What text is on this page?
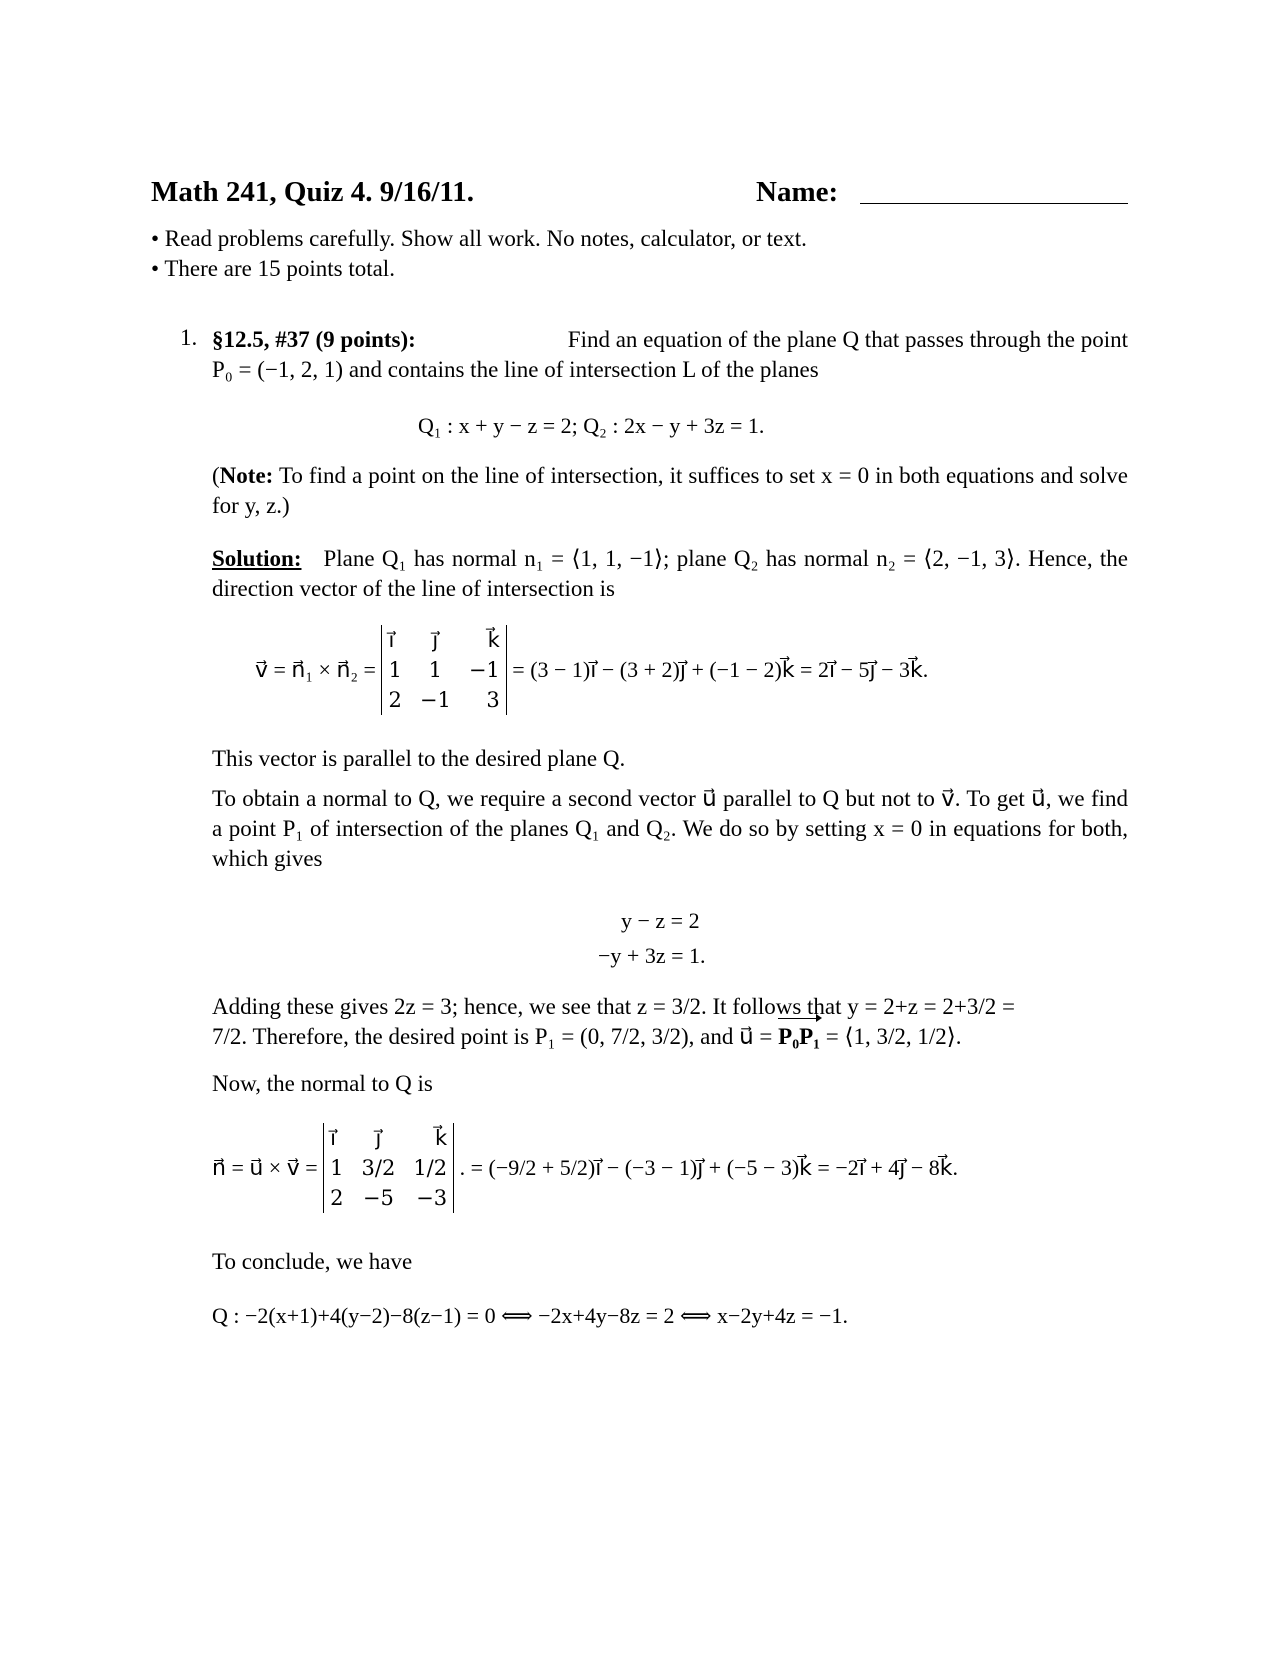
Math 241, Quiz 4. 9/16/11.	Name:
• Read problems carefully. Show all work. No notes, calculator, or text.
• There are 15 points total.
1. §12.5, #37 (9 points):	Find an equation of the plane Q that passes through the point
P₀ = (−1, 2, 1) and contains the line of intersection L of the planes
Q₁ : x + y − z = 2; Q₂ : 2x − y + 3z = 1.
(Note: To find a point on the line of intersection, it suffices to set x = 0 in both equations and solve for y, z.)
Solution: Plane Q₁ has normal n₁ = ⟨1, 1, −1⟩; plane Q₂ has normal n₂ = ⟨2, −1, 3⟩. Hence, the direction vector of the line of intersection is
v⃗ = n⃗₁ × n⃗₂ =
i⃗	j⃗	k⃗
1	1	−1
2	−1	3
= (3 − 1)i⃗ − (3 + 2)j⃗ + (−1 − 2)k⃗ = 2i⃗ − 5j⃗ − 3k⃗.
This vector is parallel to the desired plane Q.
To obtain a normal to Q, we require a second vector u⃗ parallel to Q but not to v⃗. To get u⃗, we find a point P₁ of intersection of the planes Q₁ and Q₂. We do so by setting x = 0 in equations for both, which gives
y − z = 2
−y + 3z = 1.
Adding these gives 2z = 3; hence, we see that z = 3/2. It follows that y = 2+z = 2+3/2 =
7/2. Therefore, the desired point is P₁ = (0, 7/2, 3/2), and u⃗ = P₀P₁ = ⟨1, 3/2, 1/2⟩.
Now, the normal to Q is
n⃗ = u⃗ × v⃗ =
i⃗	j⃗	k⃗
1	3/2	1/2
2	−5	−3
. = (−9/2 + 5/2)i⃗ − (−3 − 1)j⃗ + (−5 − 3)k⃗ = −2i⃗ + 4j⃗ − 8k⃗.
To conclude, we have
Q : −2(x+1)+4(y−2)−8(z−1) = 0 ⟺ −2x+4y−8z = 2 ⟺ x−2y+4z = −1.
